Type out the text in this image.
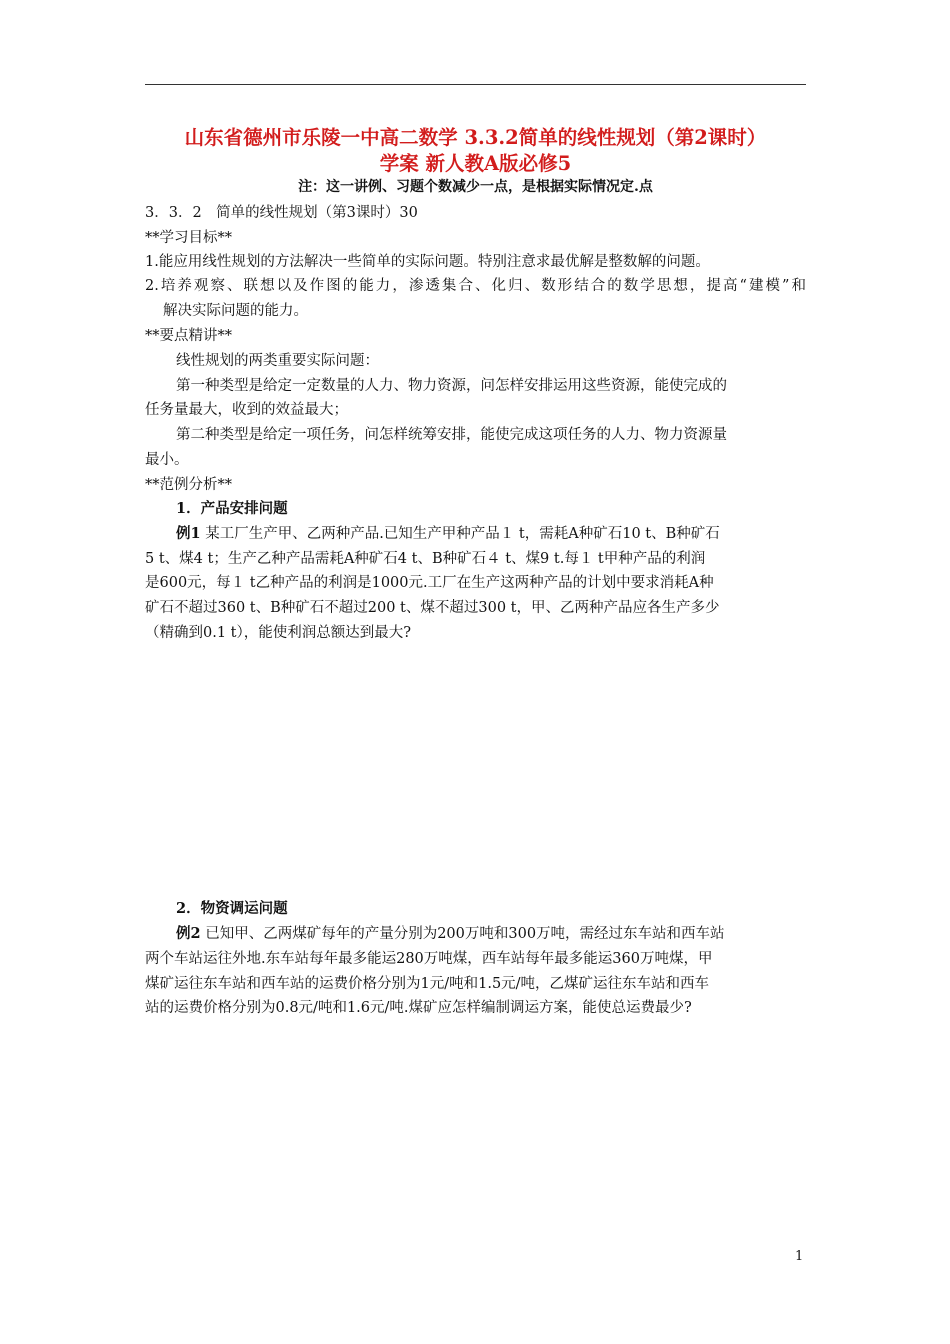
山东省德州市乐陵一中高二数学 3.3.2简单的线性规划（第2课时）
学案 新人教A版必修5
注：这一讲例、习题个数减少一点，是根据实际情况定.点
3．3．2　简单的线性规划（第3课时）30
**学习目标**
1.能应用线性规划的方法解决一些简单的实际问题。特别注意求最优解是整数解的问题。
2.培养观察、联想以及作图的能力，渗透集合、化归、数形结合的数学思想，提高“建模”和
解决实际问题的能力。
**要点精讲**
线性规划的两类重要实际问题：
第一种类型是给定一定数量的人力、物力资源，问怎样安排运用这些资源，能使完成的
任务量最大，收到的效益最大；
第二种类型是给定一项任务，问怎样统筹安排，能使完成这项任务的人力、物力资源量
最小。
**范例分析**
1．产品安排问题
例1 某工厂生产甲、乙两种产品.已知生产甲种产品１ t，需耗A种矿石10 t、B种矿石
5 t、煤4 t；生产乙种产品需耗A种矿石4 t、B种矿石４ t、煤9 t.每１ t甲种产品的利润
是600元，每１ t乙种产品的利润是1000元.工厂在生产这两种产品的计划中要求消耗A种
矿石不超过360 t、B种矿石不超过200 t、煤不超过300 t，甲、乙两种产品应各生产多少
（精确到0.1 t），能使利润总额达到最大?
2．物资调运问题
例2 已知甲、乙两煤矿每年的产量分别为200万吨和300万吨，需经过东车站和西车站
两个车站运往外地.东车站每年最多能运280万吨煤，西车站每年最多能运360万吨煤，甲
煤矿运往东车站和西车站的运费价格分别为1元/吨和1.5元/吨，乙煤矿运往东车站和西车
站的运费价格分别为0.8元/吨和1.6元/吨.煤矿应怎样编制调运方案，能使总运费最少?
1
